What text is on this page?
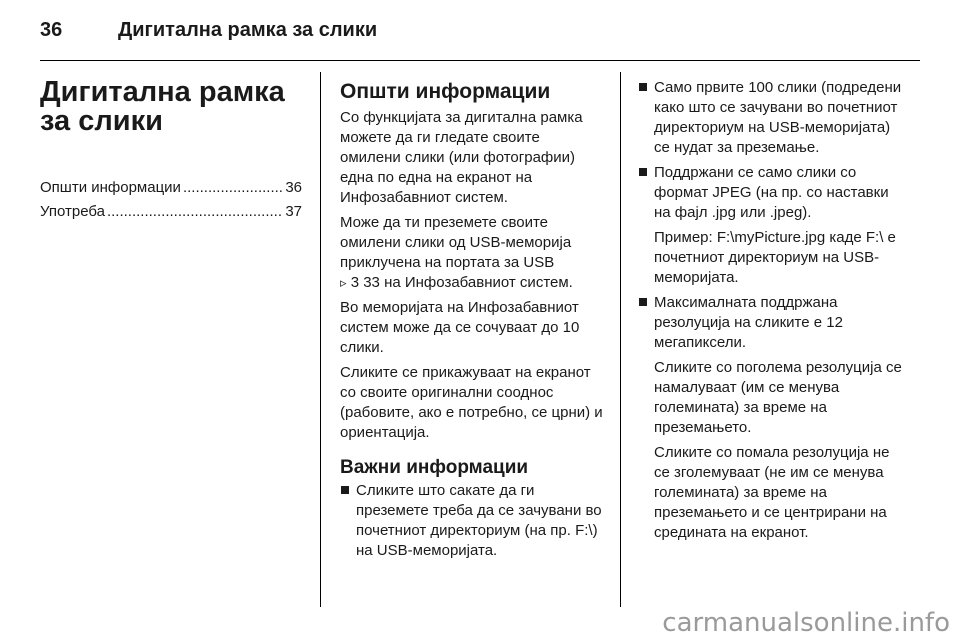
36	Дигитална рамка за слики
Дигитална рамка за слики
Општи информации .....	36
Употреба .....	37
Општи информации

Со функцијата за дигитална рамка можете да ги гледате своите омилени слики (или фотографии) една по една на екранот на Инфозабавниот систем.

Може да ти преземете своите омилени слики од USB-меморија приклучена на портата за USB
▹ 3 33 на Инфозабавниот систем.

Во меморијата на Инфозабавниот систем може да се сочуваат до 10 слики.

Сликите се прикажуваат на екранот со своите оригинални сооднос (рабовите, ако е потребно, се црни) и ориентација.

Важни информации
Сликите што сакате да ги преземете треба да се зачувани во почетниот директориум (на пр. F:\) на USB-меморијата.
Само првите 100 слики (подредени како што се зачувани во почетниот директориум на USB-меморијата) се нудат за преземање.
Поддржани се само слики со формат JPEG (на пр. со наставки на фајл .jpg или .jpeg).
Пример: F:\myPicture.jpg каде F:\ е почетниот директориум на USB-меморијата.
Максималната поддржана резолуција на сликите е 12 мегапиксели.
Сликите со поголема резолуција се намалуваат (им се менува големината) за време на преземањето.
Сликите со помала резолуција не се зголемуваат (не им се менува големината) за време на преземањето и се центрирани на средината на екранот.
carmanualsonline.info
